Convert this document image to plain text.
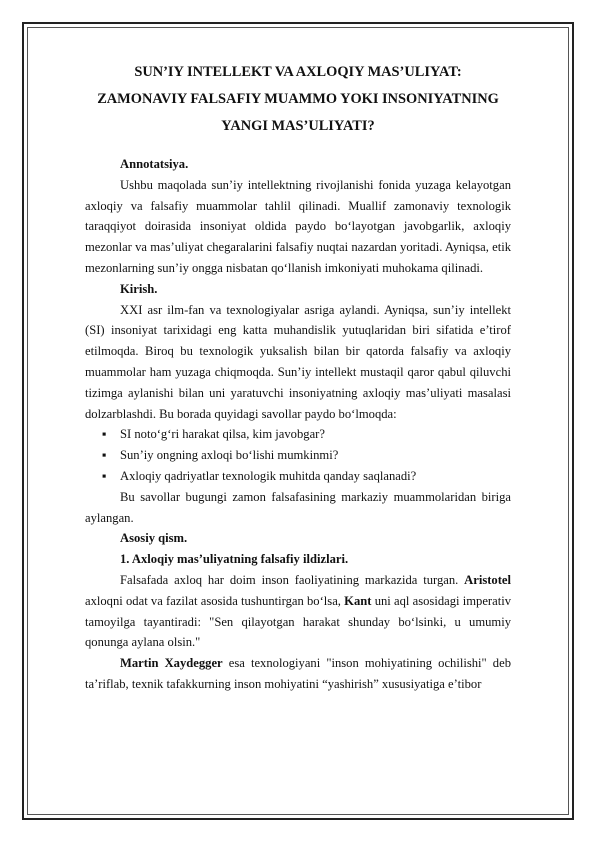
SUN’IY INTELLEKT VA AXLOQIY MAS’ULIYAT:
ZAMONAVIY FALSAFIY MUAMMO YOKI INSONIYATNING
YANGI MAS’ULIYATI?
Annotatsiya.

Ushbu maqolada sun’iy intellektning rivojlanishi fonida yuzaga kelayotgan axloqiy va falsafiy muammolar tahlil qilinadi. Muallif zamonaviy texnologik taraqqiyot doirasida insoniyat oldida paydo bo‘layotgan javobgarlik, axloqiy mezonlar va mas’uliyat chegaralarini falsafiy nuqtai nazardan yoritadi. Ayniqsa, etik mezonlarning sun’iy ongga nisbatan qo‘llanish imkoniyati muhokama qilinadi.

Kirish.

XXI asr ilm-fan va texnologiyalar asriga aylandi. Ayniqsa, sun’iy intellekt (SI) insoniyat tarixidagi eng katta muhandislik yutuqlaridan biri sifatida e’tirof etilmoqda. Biroq bu texnologik yuksalish bilan bir qatorda falsafiy va axloqiy muammolar ham yuzaga chiqmoqda. Sun’iy intellekt mustaqil qaror qabul qiluvchi tizimga aylanishi bilan uni yaratuvchi insoniyatning axloqiy mas’uliyati masalasi dolzarblashdi. Bu borada quyidagi savollar paydo bo‘lmoqda:

▪ SI noto‘g‘ri harakat qilsa, kim javobgar?
▪ Sun’iy ongning axloqi bo‘lishi mumkinmi?
▪ Axloqiy qadriyatlar texnologik muhitda qanday saqlanadi?

Bu savollar bugungi zamon falsafasining markaziy muammolaridan biriga aylangan.

Asosiy qism.
1. Axloqiy mas’uliyatning falsafiy ildizlari.

Falsafada axloq har doim inson faoliyatining markazida turgan. Aristotel axloqni odat va fazilat asosida tushuntirgan bo‘lsa, Kant uni aql asosidagi imperativ tamoyilga tayantiradi: "Sen qilayotgan harakat shunday bo‘lsinki, u umumiy qonunga aylana olsin."

Martin Xaydegger esa texnologiyani "inson mohiyatining ochilishi" deb ta’riflab, texnik tafakkurning inson mohiyatini “yashirish” xususiyatiga e’tibor
